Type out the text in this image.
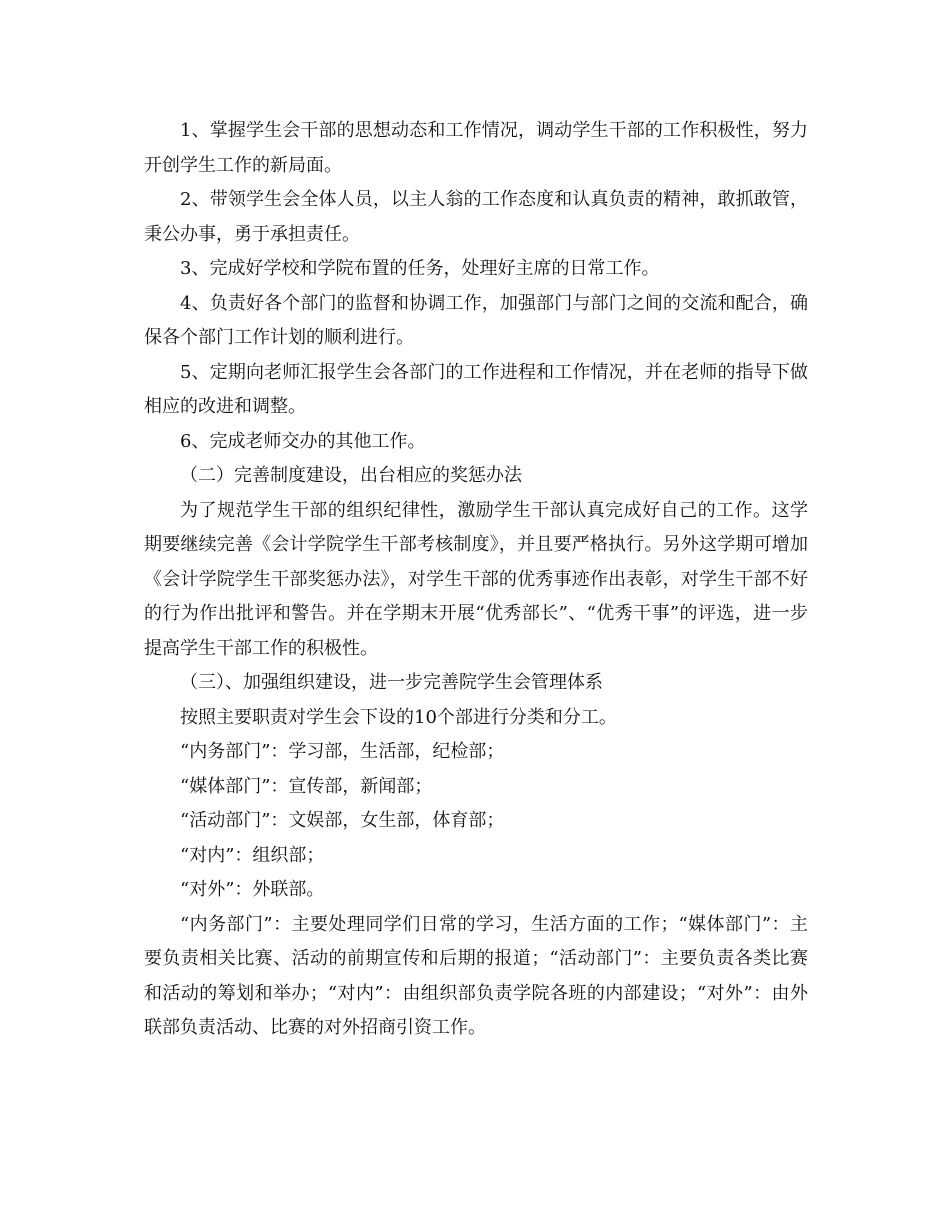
1、掌握学生会干部的思想动态和工作情况，调动学生干部的工作积极性，努力开创学生工作的新局面。

2、带领学生会全体人员，以主人翁的工作态度和认真负责的精神，敢抓敢管，秉公办事，勇于承担责任。

3、完成好学校和学院布置的任务，处理好主席的日常工作。

4、负责好各个部门的监督和协调工作，加强部门与部门之间的交流和配合，确保各个部门工作计划的顺利进行。

5、定期向老师汇报学生会各部门的工作进程和工作情况，并在老师的指导下做相应的改进和调整。

6、完成老师交办的其他工作。

（二）完善制度建设，出台相应的奖惩办法

为了规范学生干部的组织纪律性，激励学生干部认真完成好自己的工作。这学期要继续完善《会计学院学生干部考核制度》，并且要严格执行。另外这学期可增加《会计学院学生干部奖惩办法》，对学生干部的优秀事迹作出表彰，对学生干部不好的行为作出批评和警告。并在学期末开展“优秀部长”、“优秀干事”的评选，进一步提高学生干部工作的积极性。

（三）、加强组织建设，进一步完善院学生会管理体系

按照主要职责对学生会下设的10个部进行分类和分工。

“内务部门”：学习部，生活部，纪检部；

“媒体部门”：宣传部，新闻部；

“活动部门”：文娱部，女生部，体育部；

“对内”：组织部；

“对外”：外联部。

“内务部门”：主要处理同学们日常的学习，生活方面的工作；“媒体部门”：主要负责相关比赛、活动的前期宣传和后期的报道；“活动部门”：主要负责各类比赛和活动的筹划和举办；“对内”：由组织部负责学院各班的内部建设；“对外”：由外联部负责活动、比赛的对外招商引资工作。
